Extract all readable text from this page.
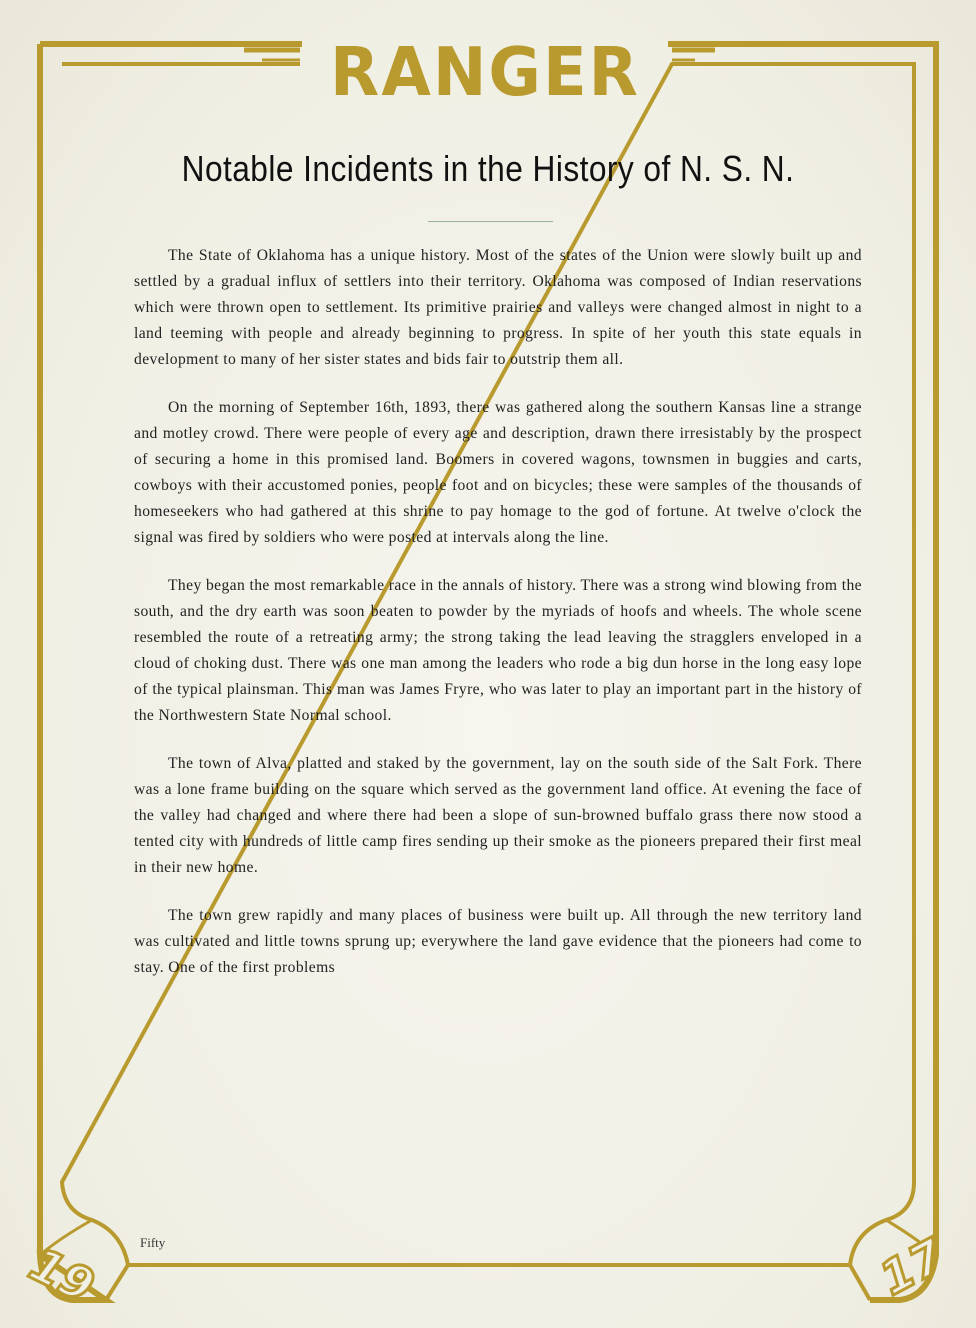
RANGER
19	17
Notable Incidents in the History of N. S. N.

The State of Oklahoma has a unique history. Most of the states of the Union were slowly built up and settled by a gradual influx of settlers into their territory. Oklahoma was composed of Indian reservations which were thrown open to settlement. Its primitive prairies and valleys were changed almost in night to a land teeming with people and already beginning to progress. In spite of her youth this state equals in development to many of her sister states and bids fair to outstrip them all.

On the morning of September 16th, 1893, there was gathered along the southern Kansas line a strange and motley crowd. There were people of every age and description, drawn there irresistably by the prospect of securing a home in this promised land. Boomers in covered wagons, townsmen in buggies and carts, cowboys with their accustomed ponies, people foot and on bicycles; these were samples of the thousands of homeseekers who had gathered at this shrine to pay homage to the god of fortune. At twelve o'clock the signal was fired by soldiers who were posted at intervals along the line.

They began the most remarkable race in the annals of history. There was a strong wind blowing from the south, and the dry earth was soon beaten to powder by the myriads of hoofs and wheels. The whole scene resembled the route of a retreating army; the strong taking the lead leaving the stragglers enveloped in a cloud of choking dust. There was one man among the leaders who rode a big dun horse in the long easy lope of the typical plainsman. This man was James Fryre, who was later to play an important part in the history of the Northwestern State Normal school.

The town of Alva, platted and staked by the government, lay on the south side of the Salt Fork. There was a lone frame building on the square which served as the government land office. At evening the face of the valley had changed and where there had been a slope of sun-browned buffalo grass there now stood a tented city with hundreds of little camp fires sending up their smoke as the pioneers prepared their first meal in their new home.

The town grew rapidly and many places of business were built up. All through the new territory land was cultivated and little towns sprung up; everywhere the land gave evidence that the pioneers had come to stay. One of the first problems

Fifty
